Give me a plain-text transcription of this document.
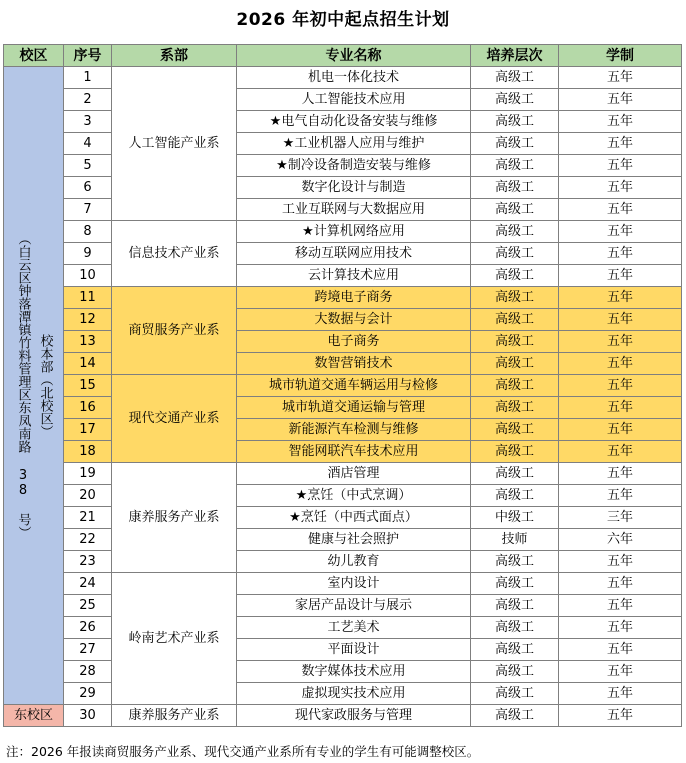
2026 年初中起点招生计划
校区	序号	系部	专业名称	培养层次	学制

校本部（北校区）
（白云区钟落潭镇竹料管理区东凤南路 38 号）	1	人工智能产业系	机电一体化技术	高级工	五年
	2		人工智能技术应用	高级工	五年
	3		★电气自动化设备安装与维修	高级工	五年
	4		★工业机器人应用与维护	高级工	五年
	5		★制冷设备制造安装与维修	高级工	五年
	6		数字化设计与制造	高级工	五年
	7		工业互联网与大数据应用	高级工	五年
	8	信息技术产业系	★计算机网络应用	高级工	五年
	9		移动互联网应用技术	高级工	五年
	10		云计算技术应用	高级工	五年
	11	商贸服务产业系	跨境电子商务	高级工	五年
	12		大数据与会计	高级工	五年
	13		电子商务	高级工	五年
	14		数智营销技术	高级工	五年
	15	现代交通产业系	城市轨道交通车辆运用与检修	高级工	五年
	16		城市轨道交通运输与管理	高级工	五年
	17		新能源汽车检测与维修	高级工	五年
	18		智能网联汽车技术应用	高级工	五年
	19	康养服务产业系	酒店管理	高级工	五年
	20		★烹饪（中式烹调）	高级工	五年
	21		★烹饪（中西式面点）	中级工	三年
	22		健康与社会照护	技师	六年
	23		幼儿教育	高级工	五年
	24	岭南艺术产业系	室内设计	高级工	五年
	25		家居产品设计与展示	高级工	五年
	26		工艺美术	高级工	五年
	27		平面设计	高级工	五年
	28		数字媒体技术应用	高级工	五年
	29		虚拟现实技术应用	高级工	五年
东校区	30	康养服务产业系	现代家政服务与管理	高级工	五年
注：2026 年报读商贸服务产业系、现代交通产业系所有专业的学生有可能调整校区。
